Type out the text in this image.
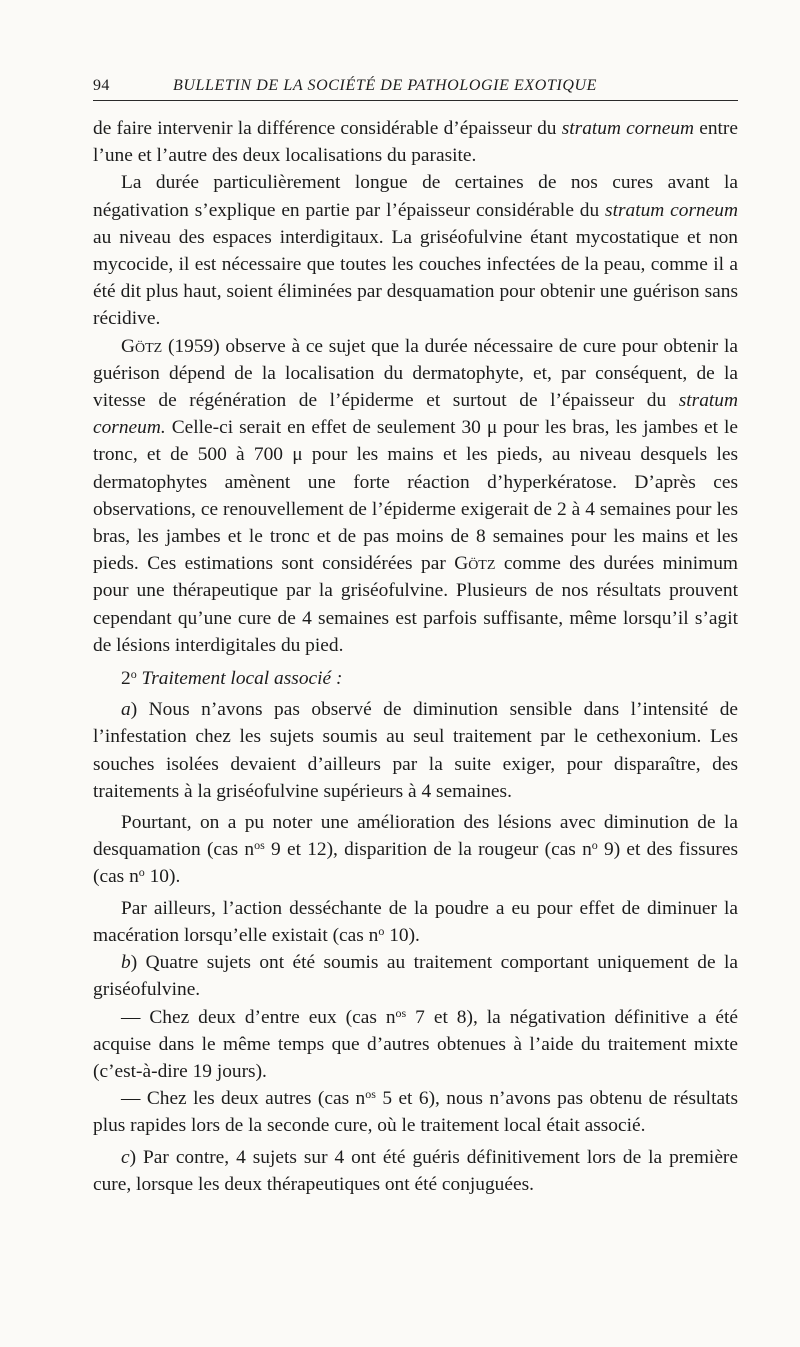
94	BULLETIN DE LA SOCIÉTÉ DE PATHOLOGIE EXOTIQUE

de faire intervenir la différence considérable d’épaisseur du stratum corneum entre l’une et l’autre des deux localisations du parasite.

La durée particulièrement longue de certaines de nos cures avant la négativation s’explique en partie par l’épaisseur considérable du stratum corneum au niveau des espaces interdigitaux. La griséofulvine étant mycostatique et non mycocide, il est nécessaire que toutes les couches infectées de la peau, comme il a été dit plus haut, soient éliminées par desquamation pour obtenir une guérison sans récidive.

Götz (1959) observe à ce sujet que la durée nécessaire de cure pour obtenir la guérison dépend de la localisation du dermatophyte, et, par conséquent, de la vitesse de régénération de l’épiderme et surtout de l’épaisseur du stratum corneum. Celle-ci serait en effet de seulement 30 μ pour les bras, les jambes et le tronc, et de 500 à 700 μ pour les mains et les pieds, au niveau desquels les dermatophytes amènent une forte réaction d’hyperkératose. D’après ces observations, ce renouvellement de l’épiderme exigerait de 2 à 4 semaines pour les bras, les jambes et le tronc et de pas moins de 8 semaines pour les mains et les pieds. Ces estimations sont considérées par Götz comme des durées minimum pour une thérapeutique par la griséofulvine. Plusieurs de nos résultats prouvent cependant qu’une cure de 4 semaines est parfois suffisante, même lorsqu’il s’agit de lésions interdigitales du pied.

2$^o$ Traitement local associé :

a) Nous n’avons pas observé de diminution sensible dans l’intensité de l’infestation chez les sujets soumis au seul traitement par le cethexonium. Les souches isolées devaient d’ailleurs par la suite exiger, pour disparaître, des traitements à la griséofulvine supérieurs à 4 semaines.

Pourtant, on a pu noter une amélioration des lésions avec diminution de la desquamation (cas $n^{os}$ 9 et 12), disparition de la rougeur (cas $n^o$ 9) et des fissures (cas $n^o$ 10).

Par ailleurs, l’action desséchante de la poudre a eu pour effet de diminuer la macération lorsqu’elle existait (cas $n^o$ 10).

b) Quatre sujets ont été soumis au traitement comportant uniquement de la griséofulvine.

— Chez deux d’entre eux (cas $n^{os}$ 7 et 8), la négativation définitive a été acquise dans le même temps que d’autres obtenues à l’aide du traitement mixte (c’est-à-dire 19 jours).

— Chez les deux autres (cas $n^{os}$ 5 et 6), nous n’avons pas obtenu de résultats plus rapides lors de la seconde cure, où le traitement local était associé.

c) Par contre, 4 sujets sur 4 ont été guéris définitivement lors de la première cure, lorsque les deux thérapeutiques ont été conjuguées.
